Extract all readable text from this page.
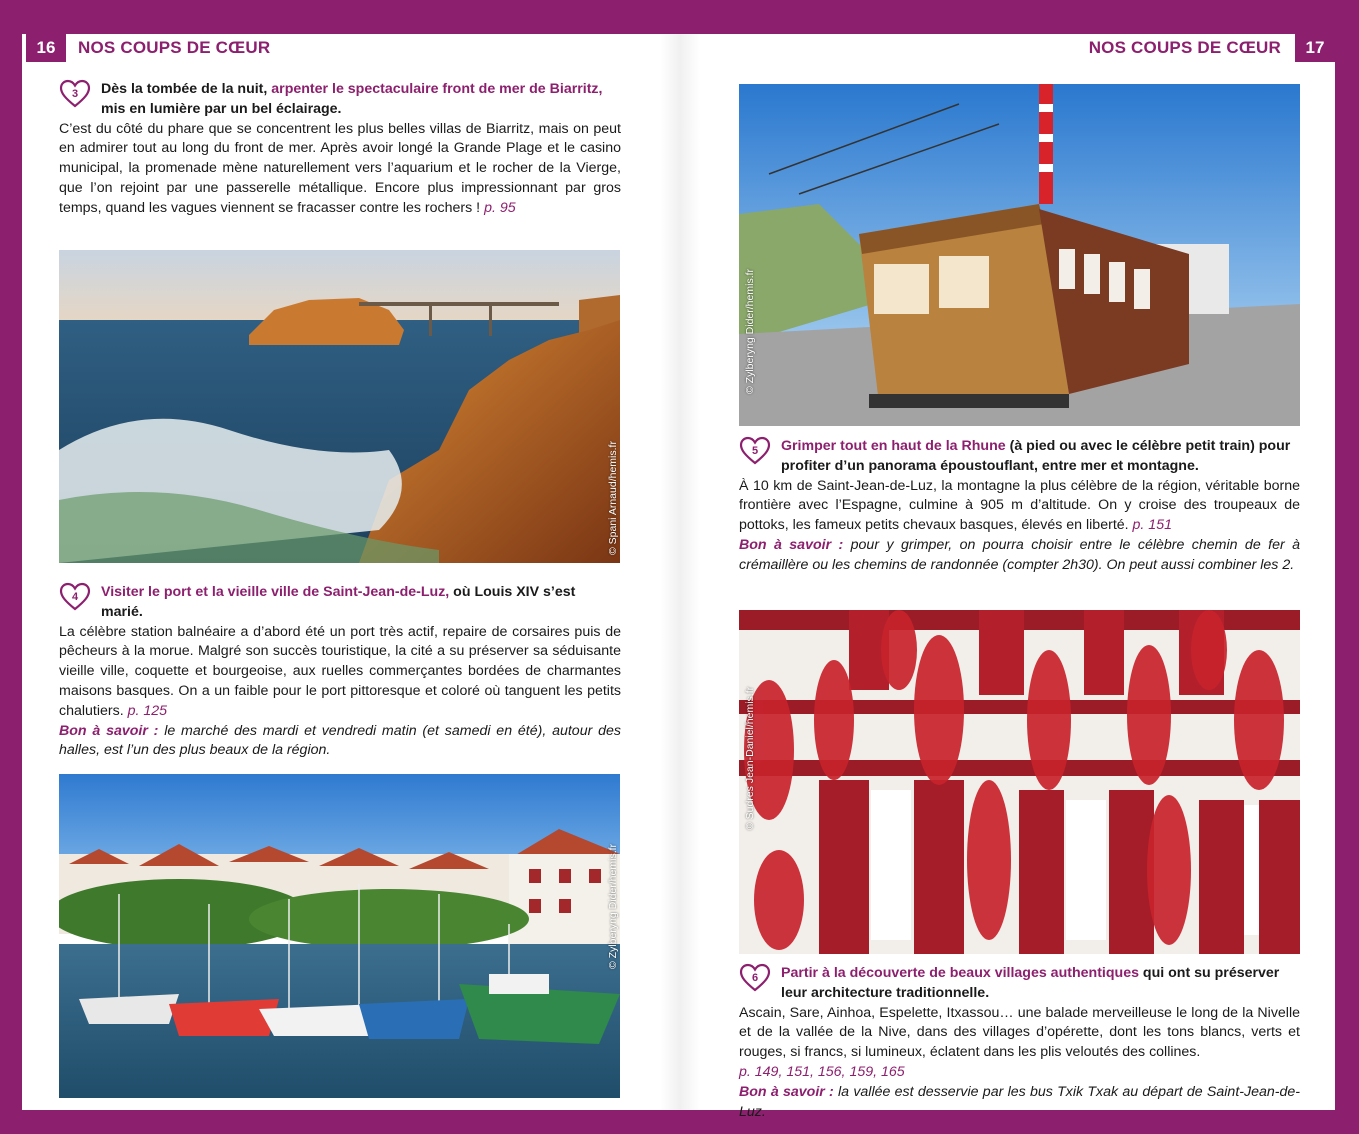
16	NOS COUPS DE CŒUR	NOS COUPS DE CŒUR	17
3 Dès la tombée de la nuit, arpenter le spectaculaire front de mer de Biarritz, mis en lumière par un bel éclairage.
C’est du côté du phare que se concentrent les plus belles villas de Biarritz, mais on peut en admirer tout au long du front de mer. Après avoir longé la Grande Plage et le casino municipal, la promenade mène naturellement vers l’aquarium et le rocher de la Vierge, que l’on rejoint par une passerelle métallique. Encore plus impressionnant par gros temps, quand les vagues viennent se fracasser contre les rochers ! p. 95
© Spani Arnaud/hemis.fr
4 Visiter le port et la vieille ville de Saint-Jean-de-Luz, où Louis XIV s’est marié.
La célèbre station balnéaire a d’abord été un port très actif, repaire de corsaires puis de pêcheurs à la morue. Malgré son succès touristique, la cité a su préserver sa séduisante vieille ville, coquette et bourgeoise, aux ruelles commerçantes bordées de charmantes maisons basques. On a un faible pour le port pittoresque et coloré où tanguent les petits chalutiers. p. 125
Bon à savoir : le marché des mardi et vendredi matin (et samedi en été), autour des halles, est l’un des plus beaux de la région.
© Zylberyng Dider/hemis.fr
© Zylberyng Dider/hemis.fr
5 Grimper tout en haut de la Rhune (à pied ou avec le célèbre petit train) pour profiter d’un panorama époustouflant, entre mer et montagne.
À 10 km de Saint-Jean-de-Luz, la montagne la plus célèbre de la région, véritable borne frontière avec l’Espagne, culmine à 905 m d’altitude. On y croise des troupeaux de pottoks, les fameux petits chevaux basques, élevés en liberté. p. 151
Bon à savoir : pour y grimper, on pourra choisir entre le célèbre chemin de fer à crémaillère ou les chemins de randonnée (compter 2h30). On peut aussi combiner les 2.
© Sudres Jean-Daniel/hemis.fr
6 Partir à la découverte de beaux villages authentiques qui ont su préserver leur architecture traditionnelle.
Ascain, Sare, Ainhoa, Espelette, Itxassou… une balade merveilleuse le long de la Nivelle et de la vallée de la Nive, dans des villages d’opérette, dont les tons blancs, verts et rouges, si francs, si lumineux, éclatent dans les plis veloutés des collines.
p. 149, 151, 156, 159, 165
Bon à savoir : la vallée est desservie par les bus Txik Txak au départ de Saint-Jean-de-Luz.
